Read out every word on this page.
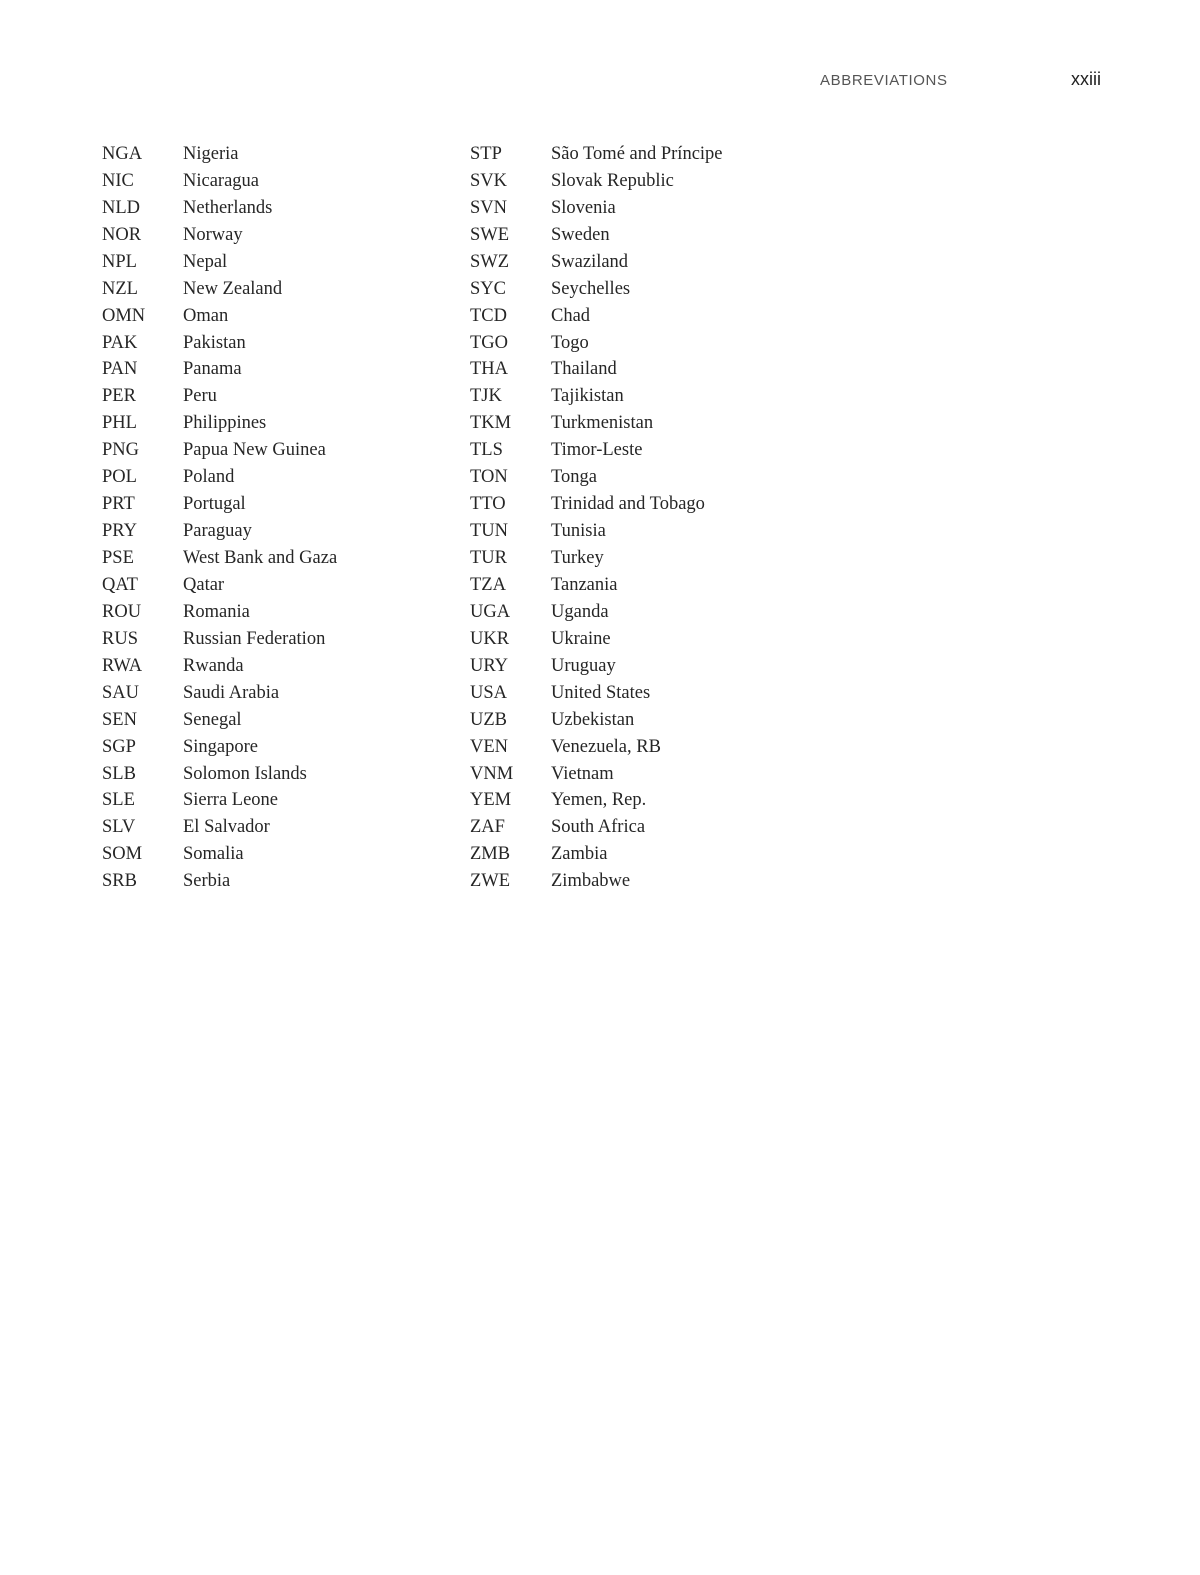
ABBREVIATIONS	xxiii
NGA	Nigeria
NIC	Nicaragua
NLD	Netherlands
NOR	Norway
NPL	Nepal
NZL	New Zealand
OMN	Oman
PAK	Pakistan
PAN	Panama
PER	Peru
PHL	Philippines
PNG	Papua New Guinea
POL	Poland
PRT	Portugal
PRY	Paraguay
PSE	West Bank and Gaza
QAT	Qatar
ROU	Romania
RUS	Russian Federation
RWA	Rwanda
SAU	Saudi Arabia
SEN	Senegal
SGP	Singapore
SLB	Solomon Islands
SLE	Sierra Leone
SLV	El Salvador
SOM	Somalia
SRB	Serbia
STP	São Tomé and Príncipe
SVK	Slovak Republic
SVN	Slovenia
SWE	Sweden
SWZ	Swaziland
SYC	Seychelles
TCD	Chad
TGO	Togo
THA	Thailand
TJK	Tajikistan
TKM	Turkmenistan
TLS	Timor-Leste
TON	Tonga
TTO	Trinidad and Tobago
TUN	Tunisia
TUR	Turkey
TZA	Tanzania
UGA	Uganda
UKR	Ukraine
URY	Uruguay
USA	United States
UZB	Uzbekistan
VEN	Venezuela, RB
VNM	Vietnam
YEM	Yemen, Rep.
ZAF	South Africa
ZMB	Zambia
ZWE	Zimbabwe
